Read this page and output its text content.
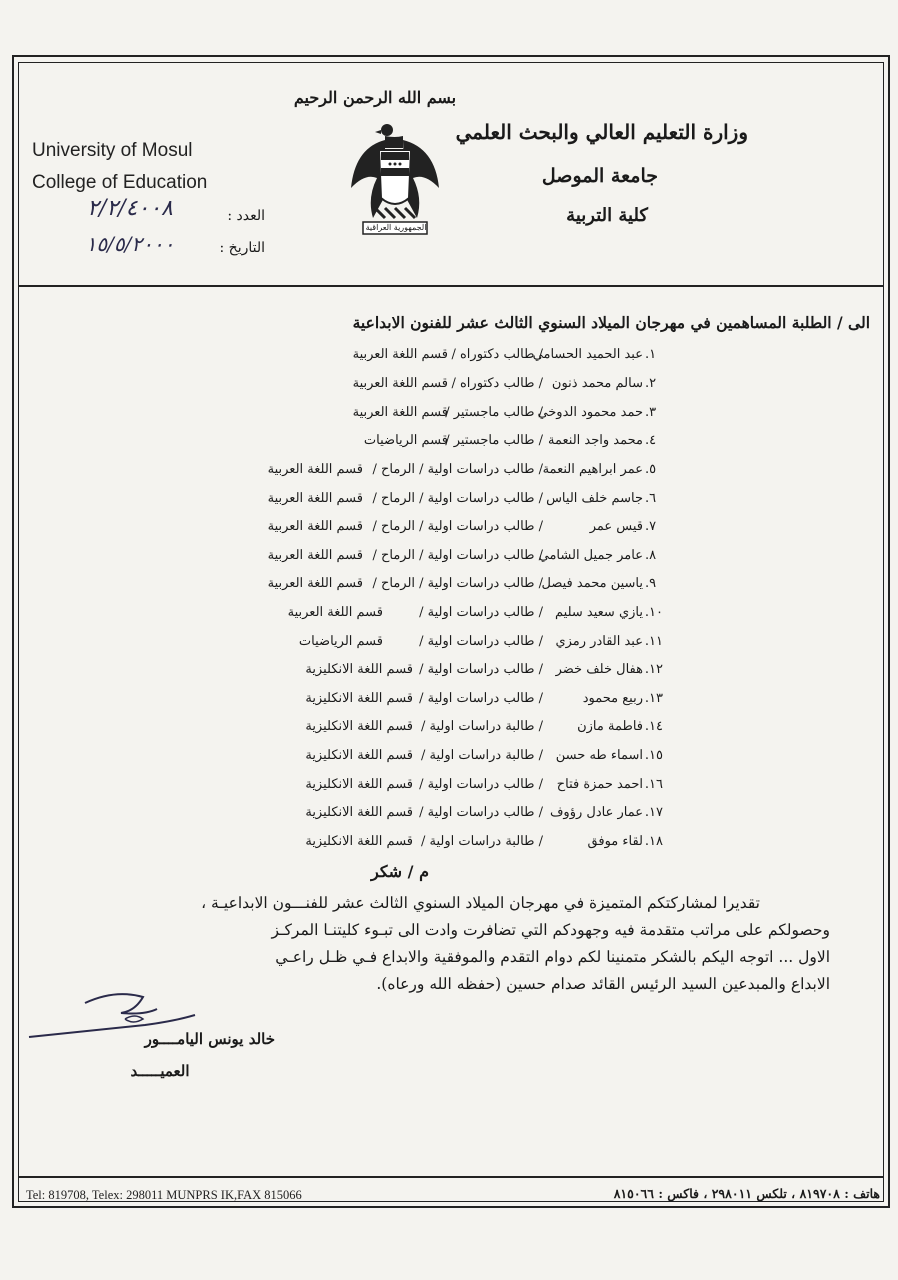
بسم الله الرحمن الرحيم
وزارة التعليم العالي والبحث العلمي
جامعة الموصل
كلية التربية
University of Mosul
College of Education
العدد :
٢/٢/٤٠٠٨
التاريخ :
١٥/٥/٢٠٠٠
الجمهورية العراقية
الى / الطلبة المساهمين في مهرجان الميلاد السنوي الثالث عشر للفنون الابداعية
١.
عبد الحميد الحسامي
/ طالب دكتوراه /
قسم اللغة العربية
٢.
سالم محمد ذنون
/ طالب دكتوراه /
قسم اللغة العربية
٣.
حمد محمود الدوخي
/ طالب ماجستير /
قسم اللغة العربية
٤.
محمد واجد النعمة
/ طالب ماجستير /
قسم الرياضيات
٥.
عمر ابراهيم النعمة
/ طالب دراسات اولية / الرماح /
قسم اللغة العربية
٦.
جاسم خلف الياس
/ طالب دراسات اولية / الرماح /
قسم اللغة العربية
٧.
قيس عمر
/ طالب دراسات اولية / الرماح /
قسم اللغة العربية
٨.
عامر جميل الشامي
/ طالب دراسات اولية / الرماح /
قسم اللغة العربية
٩.
ياسين محمد فيصل
/ طالب دراسات اولية / الرماح /
قسم اللغة العربية
١٠.
يازي سعيد سليم
/ طالب دراسات اولية /
قسم اللغة العربية
١١.
عبد القادر رمزي
/ طالب دراسات اولية /
قسم الرياضيات
١٢.
هفال خلف خضر
/ طالب دراسات اولية /
قسم اللغة الانكليزية
١٣.
ربيع محمود
/ طالب دراسات اولية /
قسم اللغة الانكليزية
١٤.
فاطمة مازن
/ طالبة دراسات اولية /
قسم اللغة الانكليزية
١٥.
اسماء طه حسن
/ طالبة دراسات اولية /
قسم اللغة الانكليزية
١٦.
احمد حمزة فتاح
/ طالب دراسات اولية /
قسم اللغة الانكليزية
١٧.
عمار عادل رؤوف
/ طالب دراسات اولية /
قسم اللغة الانكليزية
١٨.
لقاء موفق
/ طالبة دراسات اولية /
قسم اللغة الانكليزية
م / شكر
تقديرا لمشاركتكم المتميزة في مهرجان الميلاد السنوي الثالث عشر للفنـــون الابداعيـة ،
وحصولكم على مراتب متقدمة فيه وجهودكم التي تضافرت وادت الى تبـوء كليتنـا المركـز
الاول ... اتوجه اليكم بالشكر متمنينا لكم دوام التقدم والموفقية والابداع فـي ظـل راعـي
الابداع والمبدعين السيد الرئيس القائد صدام حسين (حفظه الله ورعاه).
خالد يونس اليامــــور
العميـــــد
Tel: 819708, Telex: 298011 MUNPRS IK,FAX 815066	هاتف : ٨١٩٧٠٨ ، تلكس ٢٩٨٠١١ ، فاكس : ٨١٥٠٦٦
